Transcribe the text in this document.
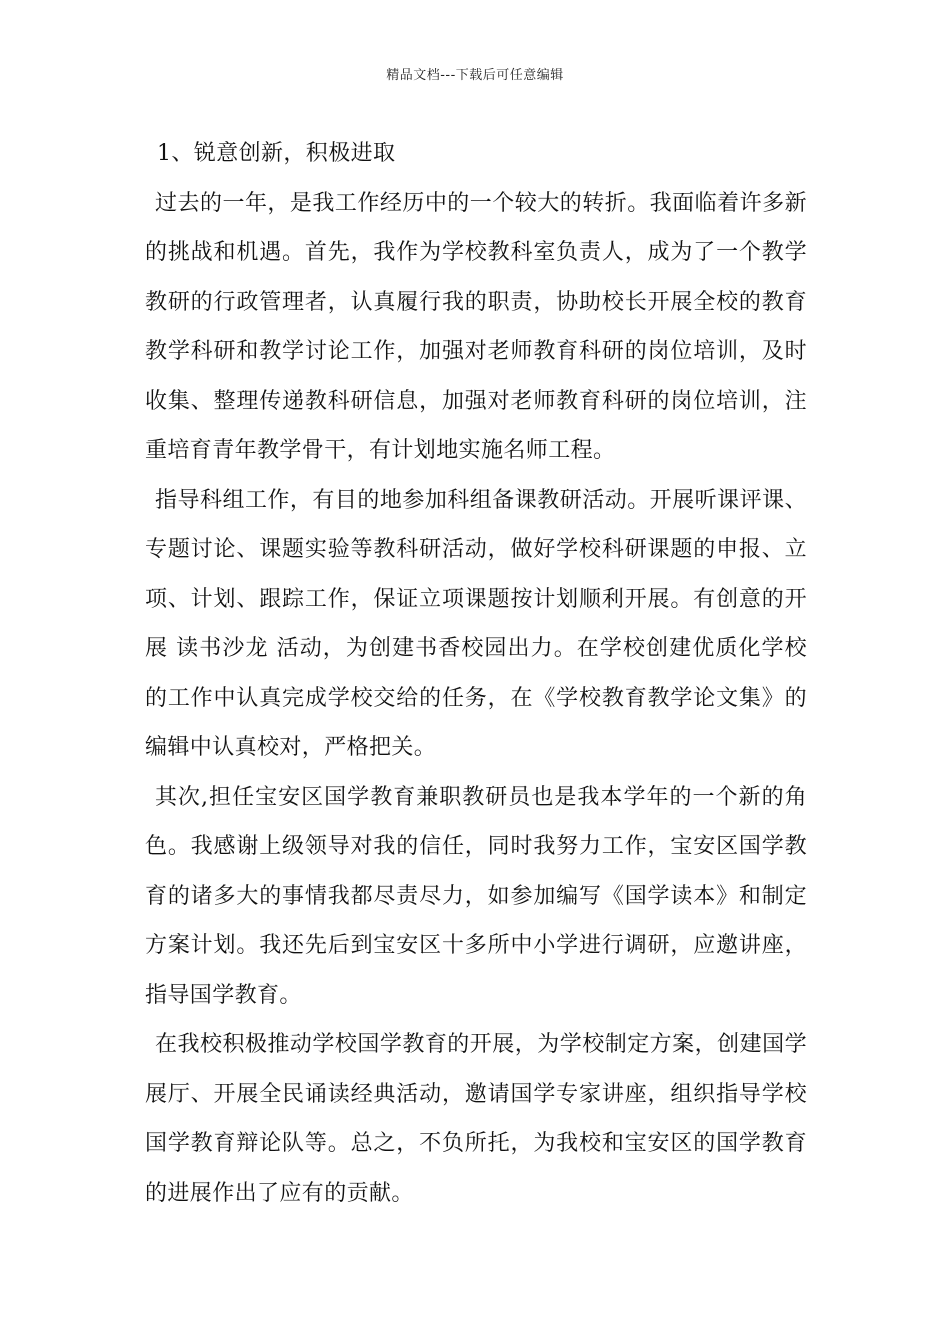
精品文档---下载后可任意编辑

1、锐意创新，积极进取

过去的一年，是我工作经历中的一个较大的转折。我面临着许多新的挑战和机遇。首先，我作为学校教科室负责人，成为了一个教学教研的行政管理者，认真履行我的职责，协助校长开展全校的教育教学科研和教学讨论工作，加强对老师教育科研的岗位培训，及时收集、整理传递教科研信息，加强对老师教育科研的岗位培训，注重培育青年教学骨干，有计划地实施名师工程。

指导科组工作，有目的地参加科组备课教研活动。开展听课评课、专题讨论、课题实验等教科研活动，做好学校科研课题的申报、立项、计划、跟踪工作，保证立项课题按计划顺利开展。有创意的开展 读书沙龙 活动，为创建书香校园出力。在学校创建优质化学校的工作中认真完成学校交给的任务，在《学校教育教学论文集》的编辑中认真校对，严格把关。

其次,担任宝安区国学教育兼职教研员也是我本学年的一个新的角色。我感谢上级领导对我的信任，同时我努力工作，宝安区国学教育的诸多大的事情我都尽责尽力，如参加编写《国学读本》和制定方案计划。我还先后到宝安区十多所中小学进行调研，应邀讲座，指导国学教育。

在我校积极推动学校国学教育的开展，为学校制定方案，创建国学展厅、开展全民诵读经典活动，邀请国学专家讲座，组织指导学校国学教育辩论队等。总之，不负所托，为我校和宝安区的国学教育的进展作出了应有的贡献。
